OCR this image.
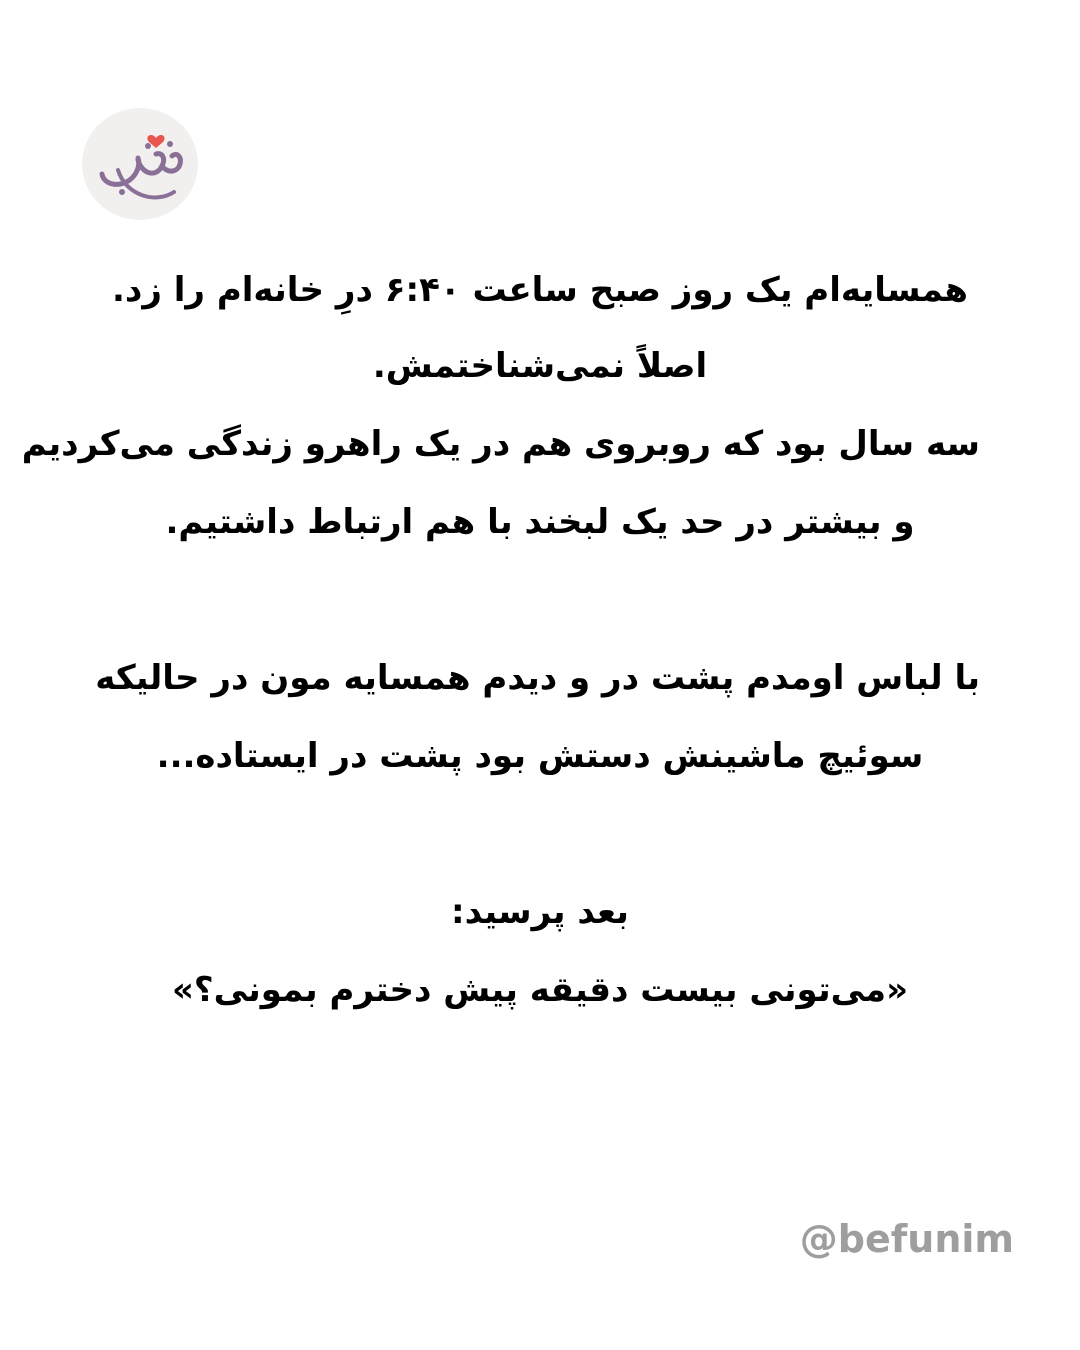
همسایه‌ام یک روز صبح ساعت ۶:۴۰ درِ خانه‌ام را زد.

اصلاً نمی‌شناختمش.

سه سال بود که روبروی هم در یک راهرو زندگی می‌کردیم

و بیشتر در حد یک لبخند با هم ارتباط داشتیم.

با لباس اومدم پشت در و دیدم همسایه مون در حالیکه

سوئیچ ماشینش دستش بود پشت در ایستاده...

بعد پرسید:

«می‌تونی بیست دقیقه پیش دخترم بمونی؟»

@befunim
